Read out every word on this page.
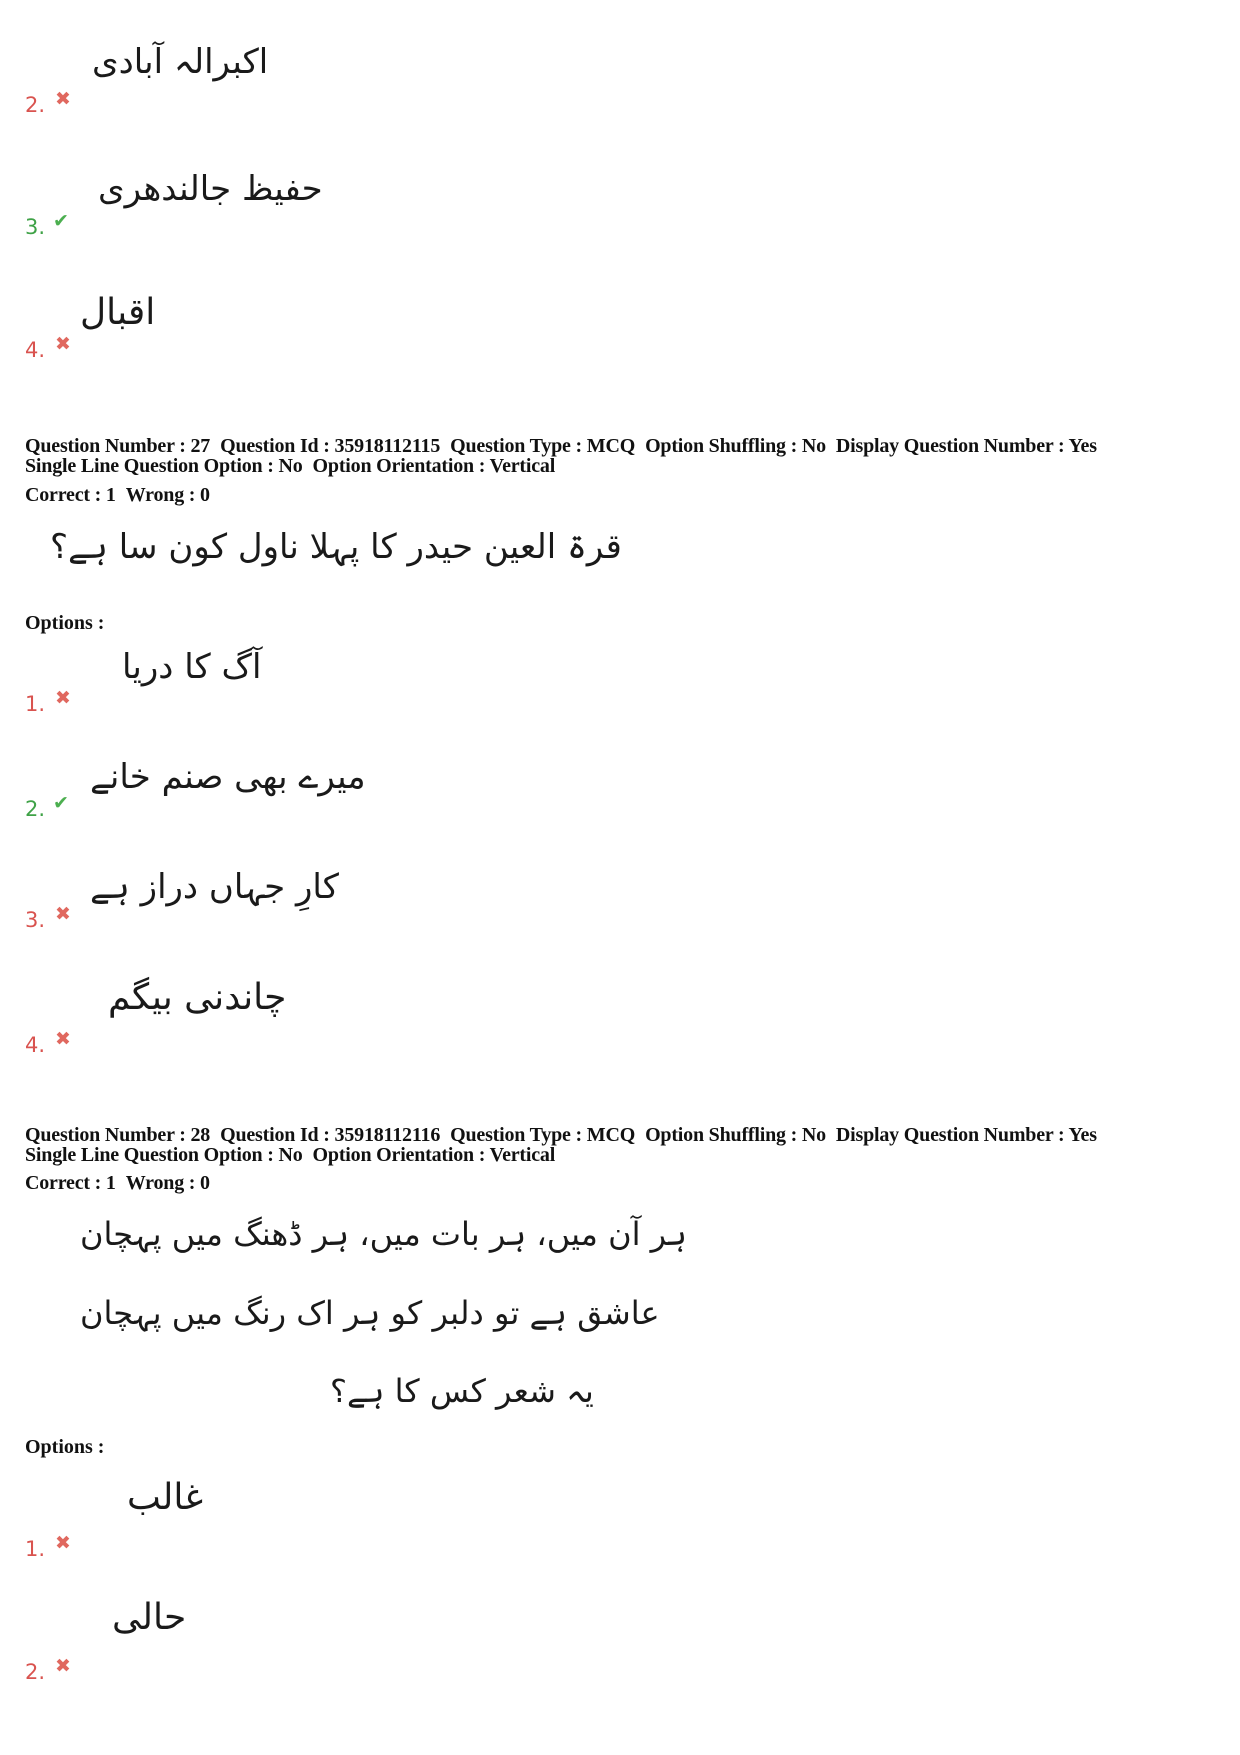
اکبرالہ آبادی
2. ✖
حفیظ جالندھری
3. ✔
اقبال
4. ✖
Question Number : 27 Question Id : 35918112115 Question Type : MCQ Option Shuffling : No Display Question Number : Yes
Single Line Question Option : No Option Orientation : Vertical
Correct : 1 Wrong : 0
قرۃ العین حیدر کا پہلا ناول کون سا ہے؟
Options :
آگ کا دریا
1. ✖
میرے بھی صنم خانے
2. ✔
کارِ جہاں دراز ہے
3. ✖
چاندنی بیگم
4. ✖
Question Number : 28 Question Id : 35918112116 Question Type : MCQ Option Shuffling : No Display Question Number : Yes
Single Line Question Option : No Option Orientation : Vertical
Correct : 1 Wrong : 0
ہر آن میں، ہر بات میں، ہر ڈھنگ میں پہچان
عاشق ہے تو دلبر کو ہر اک رنگ میں پہچان
یہ شعر کس کا ہے؟
Options :
غالب
1. ✖
حالی
2. ✖
